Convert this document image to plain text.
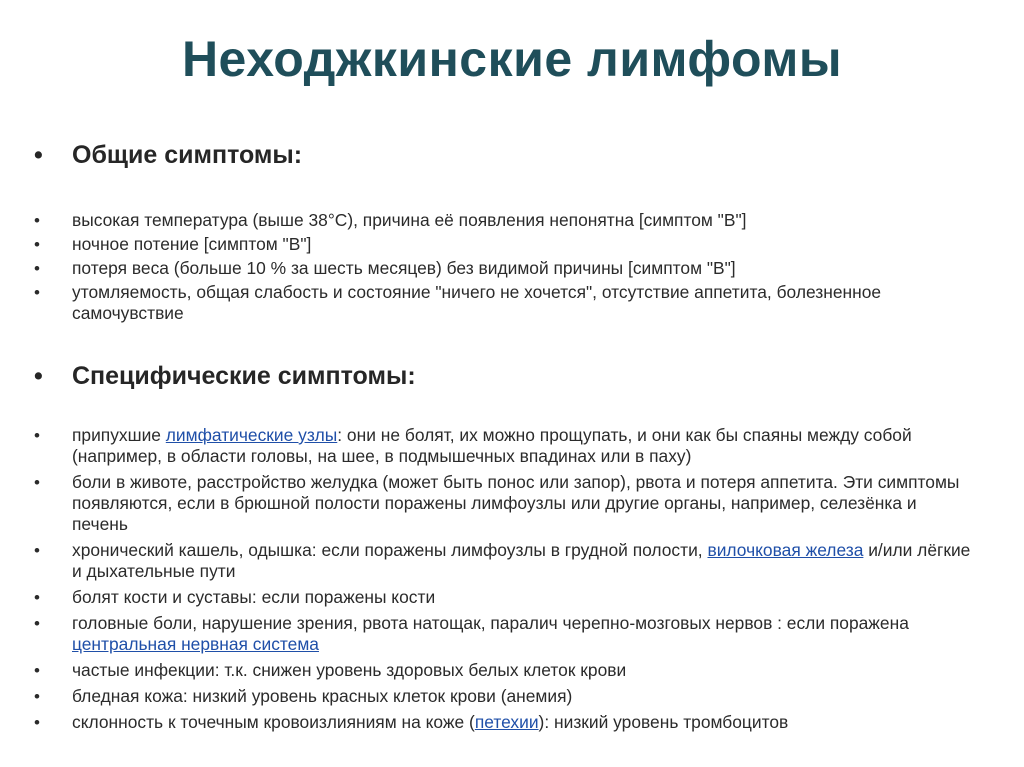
Неходжкинские лимфомы
• Общие симптомы:
• высокая температура (выше 38°C), причина её появления непонятна [симптом "B"]
• ночное потение [симптом "B"]
• потеря веса (больше 10 % за шесть месяцев) без видимой причины [симптом "B"]
• утомляемость, общая слабость и состояние "ничего не хочется", отсутствие аппетита, болезненное самочувствие
• Специфические симптомы:
• припухшие лимфатические узлы: они не болят, их можно прощупать, и они как бы спаяны между собой (например, в области головы, на шее, в подмышечных впадинах или в паху)
• боли в животе, расстройство желудка (может быть понос или запор), рвота и потеря аппетита. Эти симптомы появляются, если в брюшной полости поражены лимфоузлы или другие органы, например, селезёнка и печень
• хронический кашель, одышка: если поражены лимфоузлы в грудной полости, вилочковая железа и/или лёгкие и дыхательные пути
• болят кости и суставы: если поражены кости
• головные боли, нарушение зрения, рвота натощак, паралич черепно-мозговых нервов : если поражена центральная нервная система
• частые инфекции: т.к. снижен уровень здоровых белых клеток крови
• бледная кожа: низкий уровень красных клеток крови (анемия)
• склонность к точечным кровоизлияниям на коже (петехии): низкий уровень тромбоцитов
